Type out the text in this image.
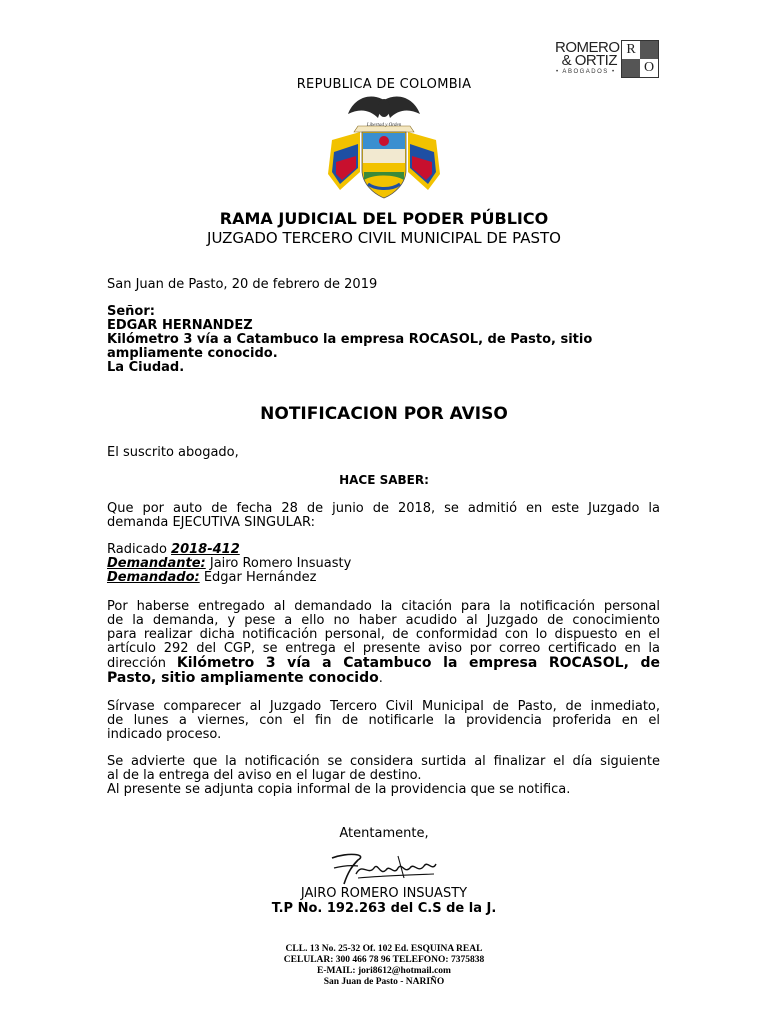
ROMERO
& ORTIZ
• ABOGADOS •
R
O
REPUBLICA DE COLOMBIA
Libertad y Orden
RAMA JUDICIAL DEL PODER PÚBLICO
JUZGADO TERCERO CIVIL MUNICIPAL DE PASTO
San Juan de Pasto, 20 de febrero de 2019
Señor:
EDGAR HERNANDEZ
Kilómetro 3 vía a Catambuco la empresa ROCASOL, de Pasto, sitio
ampliamente conocido.
La Ciudad.
NOTIFICACION POR AVISO
El suscrito abogado,
HACE SABER:
Que por auto de fecha 28 de junio de 2018, se admitió en este Juzgado la
demanda EJECUTIVA SINGULAR:
Radicado 2018-412
Demandante: Jairo Romero Insuasty
Demandado: Edgar Hernández
Por haberse entregado al demandado la citación para la notificación personal
de la demanda, y pese a ello no haber acudido al Juzgado de conocimiento
para realizar dicha notificación personal, de conformidad con lo dispuesto en el
artículo 292 del CGP, se entrega el presente aviso por correo certificado en la
dirección Kilómetro 3 vía a Catambuco la empresa ROCASOL, de
Pasto, sitio ampliamente conocido.
Sírvase comparecer al Juzgado Tercero Civil Municipal de Pasto, de inmediato,
de lunes a viernes, con el fin de notificarle la providencia proferida en el
indicado proceso.
Se advierte que la notificación se considera surtida al finalizar el día siguiente
al de la entrega del aviso en el lugar de destino.
Al presente se adjunta copia informal de la providencia que se notifica.
Atentamente,
JAIRO ROMERO INSUASTY
T.P No. 192.263 del C.S de la J.
CLL. 13 No. 25-32 Of. 102 Ed. ESQUINA REAL
CELULAR: 300 466 78 96 TELEFONO: 7375838
E-MAIL: jori8612@hotmail.com
San Juan de Pasto - NARIÑO
